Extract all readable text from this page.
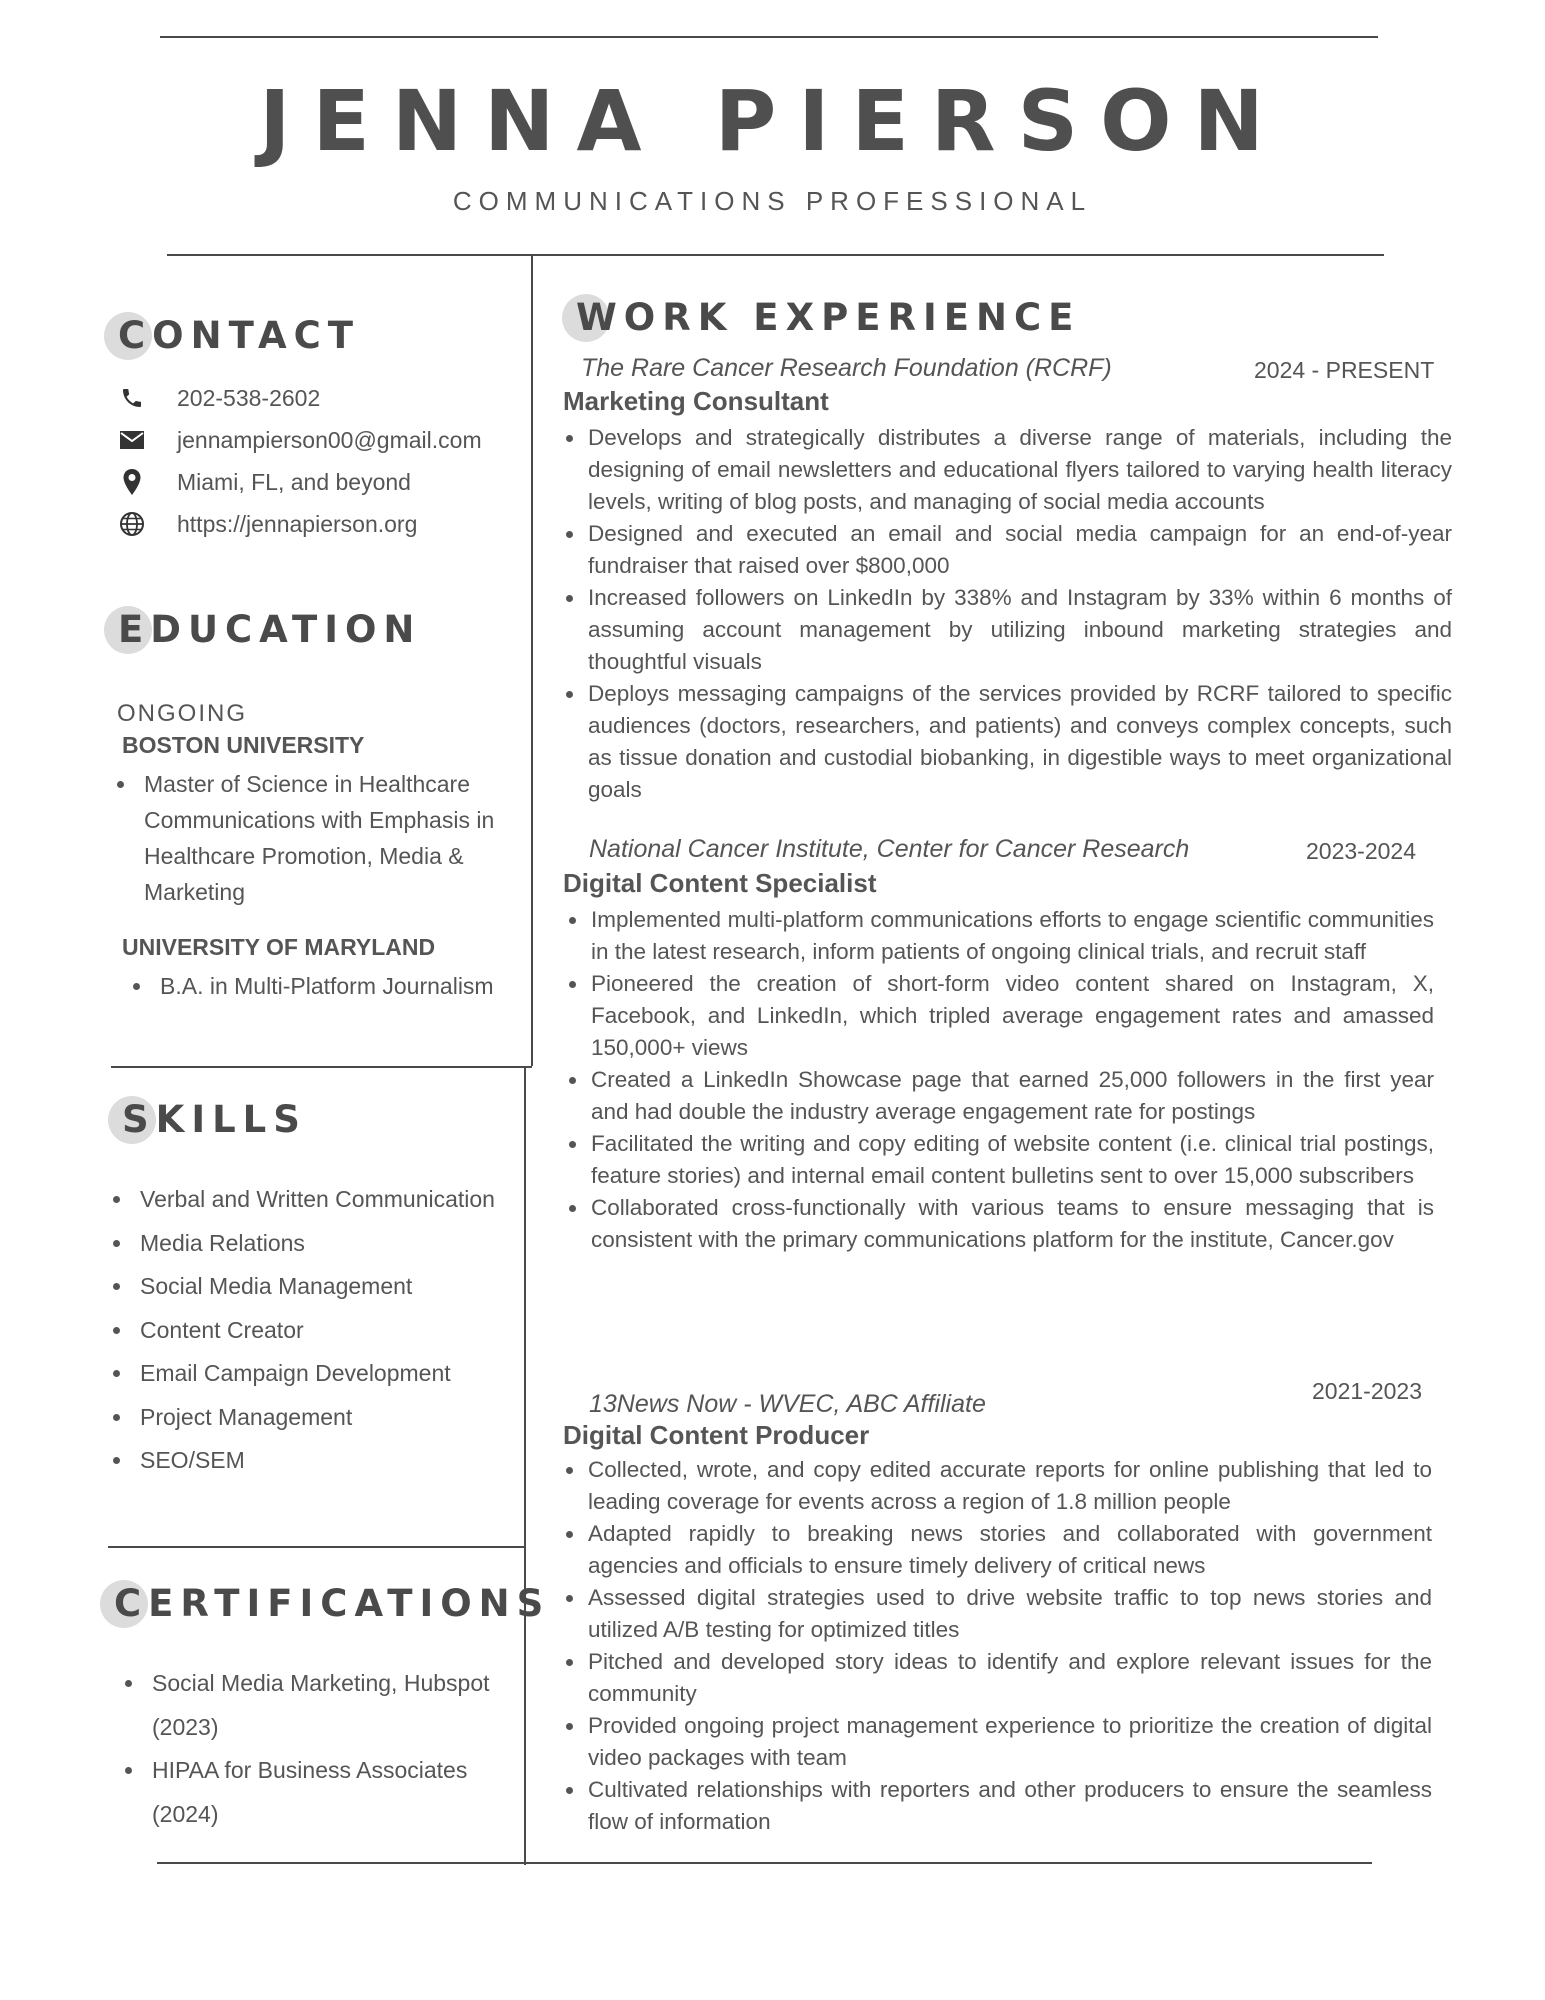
JENNA PIERSON
COMMUNICATIONS PROFESSIONAL
CONTACT
202-538-2602
jennampierson00@gmail.com
Miami, FL, and beyond
https://jennapierson.org
EDUCATION
ONGOING
BOSTON UNIVERSITY
• Master of Science in Healthcare Communications with Emphasis in Healthcare Promotion, Media & Marketing
UNIVERSITY OF MARYLAND
• B.A. in Multi-Platform Journalism
SKILLS
• Verbal and Written Communication
• Media Relations
• Social Media Management
• Content Creator
• Email Campaign Development
• Project Management
• SEO/SEM
CERTIFICATIONS
• Social Media Marketing, Hubspot (2023)
• HIPAA for Business Associates (2024)
WORK EXPERIENCE
The Rare Cancer Research Foundation (RCRF)	2024 - PRESENT
Marketing Consultant
• Develops and strategically distributes a diverse range of materials, including the designing of email newsletters and educational flyers tailored to varying health literacy levels, writing of blog posts, and managing of social media accounts
• Designed and executed an email and social media campaign for an end-of-year fundraiser that raised over $800,000
• Increased followers on LinkedIn by 338% and Instagram by 33% within 6 months of assuming account management by utilizing inbound marketing strategies and thoughtful visuals
• Deploys messaging campaigns of the services provided by RCRF tailored to specific audiences (doctors, researchers, and patients) and conveys complex concepts, such as tissue donation and custodial biobanking, in digestible ways to meet organizational goals
National Cancer Institute, Center for Cancer Research	2023-2024
Digital Content Specialist
• Implemented multi-platform communications efforts to engage scientific communities in the latest research, inform patients of ongoing clinical trials, and recruit staff
• Pioneered the creation of short-form video content shared on Instagram, X, Facebook, and LinkedIn, which tripled average engagement rates and amassed 150,000+ views
• Created a LinkedIn Showcase page that earned 25,000 followers in the first year and had double the industry average engagement rate for postings
• Facilitated the writing and copy editing of website content (i.e. clinical trial postings, feature stories) and internal email content bulletins sent to over 15,000 subscribers
• Collaborated cross-functionally with various teams to ensure messaging that is consistent with the primary communications platform for the institute, Cancer.gov
2021-2023
13News Now - WVEC, ABC Affiliate
Digital Content Producer
• Collected, wrote, and copy edited accurate reports for online publishing that led to leading coverage for events across a region of 1.8 million people
• Adapted rapidly to breaking news stories and collaborated with government agencies and officials to ensure timely delivery of critical news
• Assessed digital strategies used to drive website traffic to top news stories and utilized A/B testing for optimized titles
• Pitched and developed story ideas to identify and explore relevant issues for the community
• Provided ongoing project management experience to prioritize the creation of digital video packages with team
• Cultivated relationships with reporters and other producers to ensure the seamless flow of information
